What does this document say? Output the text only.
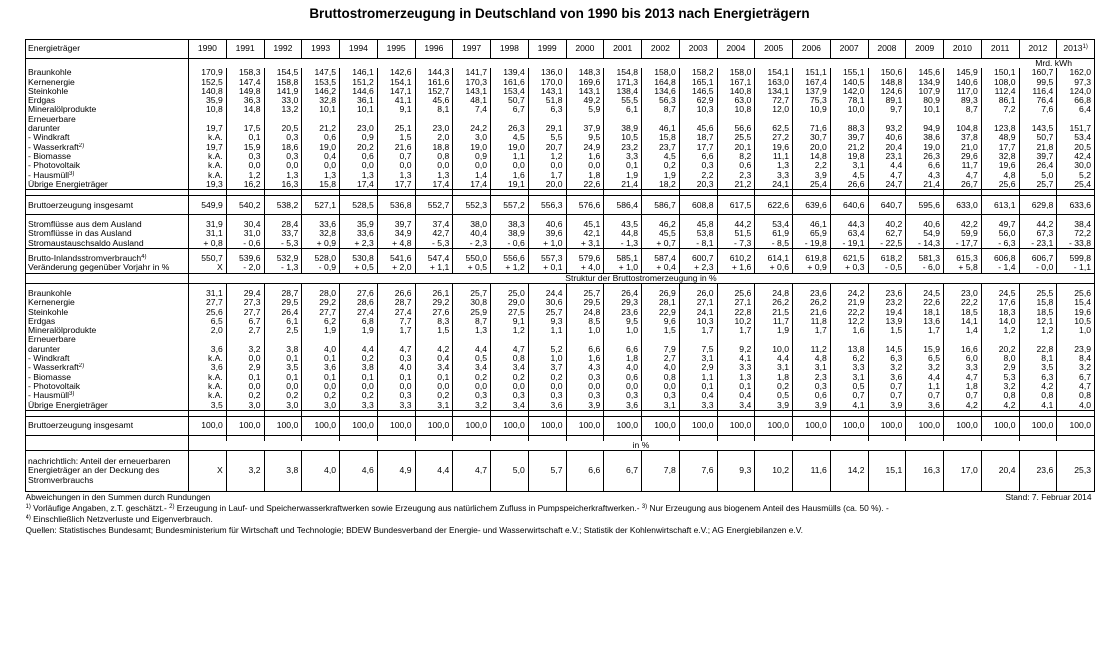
Bruttostromerzeugung in Deutschland von 1990 bis 2013 nach Energieträgern
Energieträger	1990	1991	1992	1993	1994	1995	1996	1997	1998	1999	2000	2001	2002	2003	2004	2005	2006	2007	2008	2009	2010	2011	2012	2013$^{1)}$
	Mrd. kWh																							
Braunkohle	170,9	158,3	154,5	147,5	146,1	142,6	144,3	141,7	139,4	136,0	148,3	154,8	158,0	158,2	158,0	154,1	151,1	155,1	150,6	145,6	145,9	150,1	160,7	162,0
Kernenergie	152,5	147,4	158,8	153,5	151,2	154,1	161,6	170,3	161,6	170,0	169,6	171,3	164,8	165,1	167,1	163,0	167,4	140,5	148,8	134,9	140,6	108,0	99,5	97,3
Steinkohle	140,8	149,8	141,9	146,2	144,6	147,1	152,7	143,1	153,4	143,1	143,1	138,4	134,6	146,5	140,8	134,1	137,9	142,0	124,6	107,9	117,0	112,4	116,4	124,0
Erdgas	35,9	36,3	33,0	32,8	36,1	41,1	45,6	48,1	50,7	51,8	49,2	55,5	56,3	62,9	63,0	72,7	75,3	78,1	89,1	80,9	89,3	86,1	76,4	66,8
Mineralölprodukte	10,8	14,8	13,2	10,1	10,1	9,1	8,1	7,4	6,7	6,3	5,9	6,1	8,7	10,3	10,8	12,0	10,9	10,0	9,7	10,1	8,7	7,2	7,6	6,4
Erneuerbare
darunter	19,7	17,5	20,5	21,2	23,0	25,1	23,0	24,2	26,3	29,1	37,9	38,9	46,1	45,6	56,6	62,5	71,6	88,3	93,2	94,9	104,8	123,8	143,5	151,7
- Windkraft	k.A.	0,1	0,3	0,6	0,9	1,5	2,0	3,0	4,5	5,5	9,5	10,5	15,8	18,7	25,5	27,2	30,7	39,7	40,6	38,6	37,8	48,9	50,7	53,4
- Wasserkraft$^{2)}$	19,7	15,9	18,6	19,0	20,2	21,6	18,8	19,0	19,0	20,7	24,9	23,2	23,7	17,7	20,1	19,6	20,0	21,2	20,4	19,0	21,0	17,7	21,8	20,5
- Biomasse	k.A.	0,3	0,3	0,4	0,6	0,7	0,8	0,9	1,1	1,2	1,6	3,3	4,5	6,6	8,2	11,1	14,8	19,8	23,1	26,3	29,6	32,8	39,7	42,4
- Photovoltaik	k.A.	0,0	0,0	0,0	0,0	0,0	0,0	0,0	0,0	0,0	0,0	0,1	0,2	0,3	0,6	1,3	2,2	3,1	4,4	6,6	11,7	19,6	26,4	30,0
- Hausmüll$^{3)}$	k.A.	1,2	1,3	1,3	1,3	1,3	1,3	1,4	1,6	1,7	1,8	1,9	1,9	2,2	2,3	3,3	3,9	4,5	4,7	4,3	4,7	4,8	5,0	5,2
Übrige Energieträger	19,3	16,2	16,3	15,8	17,4	17,7	17,4	17,4	19,1	20,0	22,6	21,4	18,2	20,3	21,2	24,1	25,4	26,6	24,7	21,4	26,7	25,6	25,7	25,4

Bruttoerzeugung insgesamt	549,9	540,2	538,2	527,1	528,5	536,8	552,7	552,3	557,2	556,3	576,6	586,4	586,7	608,8	617,5	622,6	639,6	640,6	640,7	595,6	633,0	613,1	629,8	633,6

Stromflüsse aus dem Ausland	31,9	30,4	28,4	33,6	35,9	39,7	37,4	38,0	38,3	40,6	45,1	43,5	46,2	45,8	44,2	53,4	46,1	44,3	40,2	40,6	42,2	49,7	44,2	38,4
Stromflüsse in das Ausland	31,1	31,0	33,7	32,8	33,6	34,9	42,7	40,4	38,9	39,6	42,1	44,8	45,5	53,8	51,5	61,9	65,9	63,4	62,7	54,9	59,9	56,0	67,3	72,2
Stromaustauschsaldo Ausland	+ 0,8	- 0,6	- 5,3	+ 0,9	+ 2,3	+ 4,8	- 5,3	- 2,3	- 0,6	+ 1,0	+ 3,1	- 1,3	+ 0,7	- 8,1	- 7,3	- 8,5	- 19,8	- 19,1	- 22,5	- 14,3	- 17,7	- 6,3	- 23,1	- 33,8

Brutto-Inlandsstromverbrauch$^{4)}$	550,7	539,6	532,9	528,0	530,8	541,6	547,4	550,0	556,6	557,3	579,6	585,1	587,4	600,7	610,2	614,1	619,8	621,5	618,2	581,3	615,3	606,8	606,7	599,8
Veränderung gegenüber Vorjahr in %	X	- 2,0	- 1,3	- 0,9	+ 0,5	+ 2,0	+ 1,1	+ 0,5	+ 1,2	+ 0,1	+ 4,0	+ 1,0	+ 0,4	+ 2,3	+ 1,6	+ 0,6	+ 0,9	+ 0,3	- 0,5	- 6,0	+ 5,8	- 1,4	- 0,0	- 1,1
	Struktur der Bruttostromerzeugung in %																							

Braunkohle	31,1	29,4	28,7	28,0	27,6	26,6	26,1	25,7	25,0	24,4	25,7	26,4	26,9	26,0	25,6	24,8	23,6	24,2	23,6	24,5	23,0	24,5	25,5	25,6
Kernenergie	27,7	27,3	29,5	29,2	28,6	28,7	29,2	30,8	29,0	30,6	29,5	29,3	28,1	27,1	27,1	26,2	26,2	21,9	23,2	22,6	22,2	17,6	15,8	15,4
Steinkohle	25,6	27,7	26,4	27,7	27,4	27,4	27,6	25,9	27,5	25,7	24,8	23,6	22,9	24,1	22,8	21,5	21,6	22,2	19,4	18,1	18,5	18,3	18,5	19,6
Erdgas	6,5	6,7	6,1	6,2	6,8	7,7	8,3	8,7	9,1	9,3	8,5	9,5	9,6	10,3	10,2	11,7	11,8	12,2	13,9	13,6	14,1	14,0	12,1	10,5
Mineralölprodukte	2,0	2,7	2,5	1,9	1,9	1,7	1,5	1,3	1,2	1,1	1,0	1,0	1,5	1,7	1,7	1,9	1,7	1,6	1,5	1,7	1,4	1,2	1,2	1,0
Erneuerbare
darunter	3,6	3,2	3,8	4,0	4,4	4,7	4,2	4,4	4,7	5,2	6,6	6,6	7,9	7,5	9,2	10,0	11,2	13,8	14,5	15,9	16,6	20,2	22,8	23,9
- Windkraft	k.A.	0,0	0,1	0,1	0,2	0,3	0,4	0,5	0,8	1,0	1,6	1,8	2,7	3,1	4,1	4,4	4,8	6,2	6,3	6,5	6,0	8,0	8,1	8,4
- Wasserkraft$^{2)}$	3,6	2,9	3,5	3,6	3,8	4,0	3,4	3,4	3,4	3,7	4,3	4,0	4,0	2,9	3,3	3,1	3,1	3,3	3,2	3,2	3,3	2,9	3,5	3,2
- Biomasse	k.A.	0,1	0,1	0,1	0,1	0,1	0,1	0,2	0,2	0,2	0,3	0,6	0,8	1,1	1,3	1,8	2,3	3,1	3,6	4,4	4,7	5,3	6,3	6,7
- Photovoltaik	k.A.	0,0	0,0	0,0	0,0	0,0	0,0	0,0	0,0	0,0	0,0	0,0	0,0	0,1	0,1	0,2	0,3	0,5	0,7	1,1	1,8	3,2	4,2	4,7
- Hausmüll$^{3)}$	k.A.	0,2	0,2	0,2	0,2	0,3	0,2	0,3	0,3	0,3	0,3	0,3	0,3	0,4	0,4	0,5	0,6	0,7	0,7	0,7	0,7	0,8	0,8	0,8
Übrige Energieträger	3,5	3,0	3,0	3,0	3,3	3,3	3,1	3,2	3,4	3,6	3,9	3,6	3,1	3,3	3,4	3,9	3,9	4,1	3,9	3,6	4,2	4,2	4,1	4,0

Bruttoerzeugung insgesamt	100,0	100,0	100,0	100,0	100,0	100,0	100,0	100,0	100,0	100,0	100,0	100,0	100,0	100,0	100,0	100,0	100,0	100,0	100,0	100,0	100,0	100,0	100,0	100,0

	in %																							
nachrichtlich: Anteil der erneuerbaren Energieträger an der Deckung des Stromverbrauchs	X	3,2	3,8	4,0	4,6	4,9	4,4	4,7	5,0	5,7	6,6	6,7	7,8	7,6	9,3	10,2	11,6	14,2	15,1	16,3	17,0	20,4	23,6	25,3
Abweichungen in den Summen durch Rundungen Stand: 7. Februar 2014																								

$^{1)}$ Vorläufige Angaben, z.T. geschätzt.- $^{2)}$ Erzeugung in Lauf- und Speicherwasserkraftwerken sowie Erzeugung aus natürlichem Zufluss in Pumpspeicherkraftwerken.- $^{3)}$ Nur Erzeugung aus biogenem Anteil des Hausmülls (ca. 50 %). -																								
$^{4)}$ Einschließlich Netzverluste und Eigenverbrauch.																								
Quellen: Statistisches Bundesamt; Bundesministerium für Wirtschaft und Technologie; BDEW Bundesverband der Energie- und Wasserwirtschaft e.V.; Statistik der Kohlenwirtschaft e.V.; AG Energiebilanzen e.V.																								
